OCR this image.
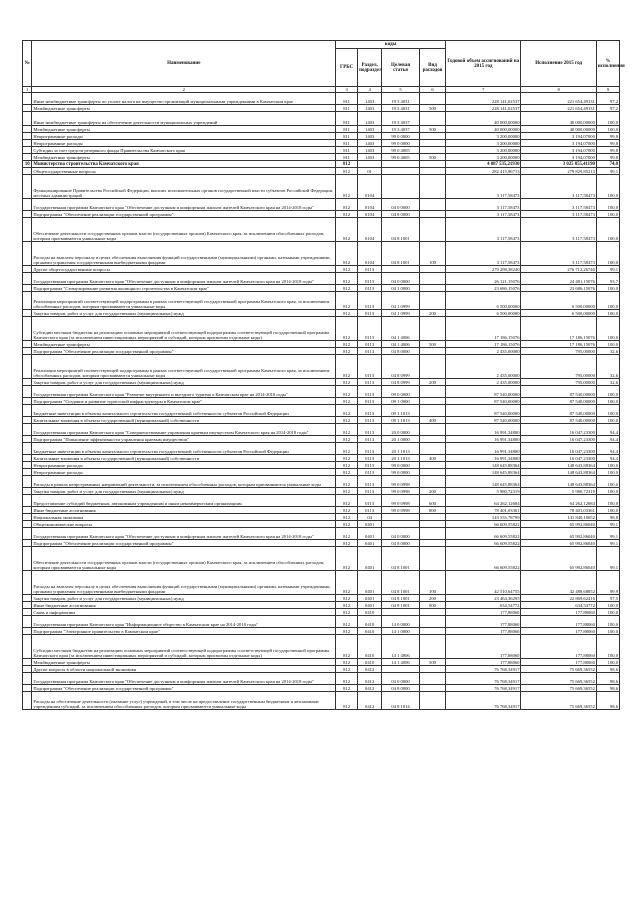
№	Наименование	коды				Годовой объем ассигнований на 2015 год	Исполнение 2015 год	% исполнения
		ГРБС	Раздел, подраздел	Целевая статья	Вид расходов			
1	2	3	4	5	6	7	8	9
	Иные межбюджетные трансферты по уплате налога на имущество организаций муниципальными учреждениями в Камчатском крае	811	1403	19 3 4031		228 141,02537	221 654,49131	97,2
	Межбюджетные трансферты	811	1403	19 3 4031	500	228 141,02537	221 654,49131	97,2
	Иные межбюджетные трансферты на обеспечение деятельности муниципальных учреждений	811	1403	19 3 4037		40 000,00000	40 000,00000	100,0
	Межбюджетные трансферты	811	1403	19 3 4037	500	40 000,00000	40 000,00000	100,0
	Непрограммные расходы	811	1403	99 0 0000		3 200,00000	3 194,07000	99,8
	Непрограммные расходы	811	1403	99 0 0000		3 200,00000	3 194,07000	99,8
	Субсидии за счет средств резервного фонда Правительства Камчатского края	811	1403	99 0 4005		3 200,00000	3 194,07000	99,8
	Межбюджетные трансферты	811	1403	99 0 4005	500	3 200,00000	3 194,07000	99,8
10	Министерство строительства Камчатского края	812				4 087 535,21930	3 025 855,41190	74,0
	Общегосударственные вопросы	812	01			282 415,96713	279 829,85213	99,1
	Функционирование Правительства Российской Федерации, высших исполнительных органов государственной власти субъектов Российской Федерации, местных администраций	812	0104			3 117,58473	3 117,58473	100,0
	Государственная программа Камчатского края "Обеспечение доступным и комфортным жильем жителей Камчатского края на 2014-2018 годы"	812	0104	04 0 0000		3 117,58473	3 117,58473	100,0
	Подпрограмма "Обеспечение реализации государственной программы"	812	0104	04 8 0000		3 117,58473	3 117,58473	100,0
	Обеспечение деятельности государственных органов власти (государственных органов) Камчатского края, за исключением обособленных расходов, которым присваиваются уникальные коды	812	0104	04 8 1001		3 117,58473	3 117,58473	100,0
	Расходы на выплаты персоналу в целях обеспечения выполнения функций государственными (муниципальными) органами, казенными учреждениями, органами управления государственными внебюджетными фондами	812	0104	04 8 1001	100	3 117,58473	3 117,58473	100,0
	Другие общегосударственные вопросы	812	0113			279 298,38240	276 712,26740	99,1
	Государственная программа Камчатского края "Обеспечение доступным и комфортным жильем жителей Камчатского края на 2014-2018 годы"	812	0113	04 0 0000		26 121,15076	24 481,15076	93,7
	Подпрограмма "Стимулирование развития жилищного строительства в Камчатском крае"	812	0113	04 1 0000		23 686,15076	23 686,15076	100,0
	Реализация мероприятий соответствующей подпрограммы в рамках соответствующей государственной программы Камчатского края, за исключением обособленных расходов, которым присваиваются уникальные коды	812	0113	04 1 0999		6 500,00000	6 500,00000	100,0
	Закупка товаров, работ и услуг для государственных (муниципальных) нужд	812	0113	04 1 0999	200	6 500,00000	6 500,00000	100,0
	Субсидии местным бюджетам на реализацию основных мероприятий соответствующей подпрограммы соответствующей государственной программы Камчатского края (за исключением инвестиционных мероприятий и субсидий, которым присвоены отдельные коды)	812	0113	04 1 4006		17 186,15076	17 186,15076	100,0
	Межбюджетные трансферты	812	0113	04 1 4006	500	17 186,15076	17 186,15076	100,0
	Подпрограмма "Обеспечение реализации государственной программы"	812	0113	04 8 0000		2 435,00000	795,00000	32,6
	Реализация мероприятий соответствующей подпрограммы в рамках соответствующей государственной программы Камчатского края, за исключением обособленных расходов, которым присваиваются уникальные коды	812	0113	04 8 0999		2 435,00000	795,00000	32,6
	Закупка товаров, работ и услуг для государственных (муниципальных) нужд	812	0113	04 8 0999	200	2 435,00000	795,00000	32,6
	Государственная программа Камчатского края "Развитие внутреннего и въездного туризма в Камчатском крае на 2014-2018 годы"	812	0113	09 0 0000		87 540,00000	87 540,00000	100,0
	Подпрограмма "Создание и развитие туристской инфраструктуры в Камчатском крае"	812	0113	09 1 0000		87 540,00000	87 540,00000	100,0
	Бюджетные инвестиции в объекты капитального строительства государственной собственности субъектов Российской Федерации	812	0113	09 1 1013		87 540,00000	87 540,00000	100,0
	Капитальные вложения в объекты государственной (муниципальной) собственности	812	0113	09 1 1013	400	87 540,00000	87 540,00000	100,0
	Государственная программа Камчатского края "Совершенствование управления краевым имуществом Камчатского края на 2014-2018 годы"	812	0113	20 0 0000		16 991,34800	16 047,23300	94,4
	Подпрограмма "Повышение эффективности управления краевым имуществом"	812	0113	20 1 0000		16 991,34800	16 047,23300	94,4
	Бюджетные инвестиции в объекты капитального строительства государственной собственности субъектов Российской Федерации	812	0113	20 1 1013		16 991,34800	16 047,23300	94,4
	Капитальные вложения в объекты государственной (муниципальной) собственности	812	0113	20 1 1013	400	16 991,34800	16 047,23300	94,4
	Непрограммные расходы	812	0113	99 0 0000		148 645,88364	148 643,88364	100,0
	Непрограммные расходы	812	0113	99 0 0000		148 645,88364	148 643,88364	100,0
	Расходы в рамках непрограммных направлений деятельности, за исключением обособленных расходов, которым присваиваются уникальные коды	812	0113	99 0 0998		148 645,88364	148 643,88364	100,0
	Закупка товаров, работ и услуг для государственных (муниципальных) нужд	812	0113	99 0 0998	200	5 980,72319	5 980,72319	100,0
	Предоставление субсидий бюджетным, автономным учреждениям и иным некоммерческим организациям	812	0113	99 0 0998	600	64 262,12684	64 262,12684	100,0
	Иные бюджетные ассигнования	812	0113	99 0 0998	800	78 401,03361	78 401,03361	100,0
	Национальная экономика	812	04			143 555,78799	141 840,10652	98,8
	Общеэкономические вопросы	812	0401			66 609,55822	65 992,86040	99,1
	Государственная программа Камчатского края "Обеспечение доступным и комфортным жильем жителей Камчатского края на 2014-2018 годы"	812	0401	04 0 0000		66 609,55822	65 992,86040	99,1
	Подпрограмма "Обеспечение реализации государственной программы"	812	0401	04 8 0000		66 609,55822	65 992,86040	99,1
	Обеспечение деятельности государственных органов власти (государственных органов) Камчатского края, за исключением обособленных расходов, которым присваиваются уникальные коды	812	0401	04 8 1001		66 609,55822	65 992,86040	99,1
	Расходы на выплаты персоналу в целях обеспечения выполнения функций государственными (муниципальными) органами, казенными учреждениями, органами управления государственными внебюджетными фондами	812	0401	04 8 1001	100	42 510,64755	42 488,68852	99,9
	Закупка товаров, работ и услуг для государственных (муниципальных) нужд	812	0401	04 8 1001	200	23 464,36295	22 869,62416	97,5
	Иные бюджетные ассигнования	812	0401	04 8 1001	800	634,54772	634,54772	100,0
	Связь и информатика	812	0410			177,88060	177,88060	100,0
	Государственная программа Камчатского края "Информационное общество в Камчатском крае на 2014-2018 годы"	812	0410	14 0 0000		177,88060	177,88060	100,0
	Подпрограмма "Электронное правительство в Камчатском крае"	812	0410	14 1 0000		177,88060	177,88060	100,0
	Субсидии местным бюджетам на реализацию основных мероприятий соответствующей подпрограммы соответствующей государственной программы Камчатского края (за исключением инвестиционных мероприятий и субсидий, которым присвоены отдельные коды)	812	0410	14 1 4006		177,88060	177,88060	100,0
	Межбюджетные трансферты	812	0410	14 1 4006	500	177,88060	177,88060	100,0
	Другие вопросы в области национальной экономики	812	0412			76 768,34917	75 669,36552	98,6
	Государственная программа Камчатского края "Обеспечение доступным и комфортным жильем жителей Камчатского края на 2014-2018 годы"	812	0412	04 0 0000		76 768,34917	75 669,36552	98,6
	Подпрограмма "Обеспечение реализации государственной программы"	812	0412	04 8 0000		76 768,34917	75 669,36552	98,6
	Расходы на обеспечение деятельности (оказание услуг) учреждений, в том числе на предоставление государственным бюджетным и автономным учреждениям субсидий, за исключением обособленных расходов, которым присваиваются уникальные коды	812	0412	04 8 1014		76 768,34917	75 669,36552	98,6
